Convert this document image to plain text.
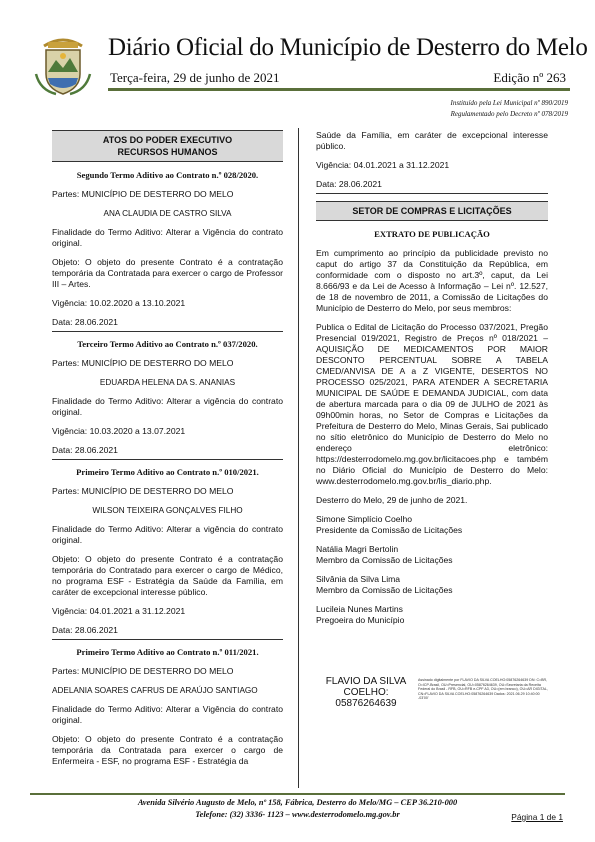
Diário Oficial do Município de Desterro do Melo
Terça-feira, 29 de junho de 2021	Edição nº 263
Instituído pela Lei Municipal nº 890/2019
Regulamentado pelo Decreto nº 078/2019
ATOS DO PODER EXECUTIVO
RECURSOS HUMANOS
Segundo Termo Aditivo ao Contrato n.º 028/2020.
Partes: MUNICÍPIO DE DESTERRO DO MELO
ANA CLAUDIA DE CASTRO SILVA
Finalidade do Termo Aditivo: Alterar a Vigência do contrato original.
Objeto: O objeto do presente Contrato é a contratação temporária da Contratada para exercer o cargo de Professor III – Artes.
Vigência: 10.02.2020 a 13.10.2021
Data: 28.06.2021
Terceiro Termo Aditivo ao Contrato n.º 037/2020.
Partes: MUNICÍPIO DE DESTERRO DO MELO
EDUARDA HELENA DA S. ANANIAS
Finalidade do Termo Aditivo: Alterar a vigência do contrato original.
Vigência: 10.03.2020 a 13.07.2021
Data: 28.06.2021
Primeiro Termo Aditivo ao Contrato n.º 010/2021.
Partes: MUNICÍPIO DE DESTERRO DO MELO
WILSON TEIXEIRA GONÇALVES FILHO
Finalidade do Termo Aditivo: Alterar a vigência do contrato original.
Objeto: O objeto do presente Contrato é a contratação temporária do Contratado para exercer o cargo de Médico, no programa ESF - Estratégia da Saúde da Família, em caráter de excepcional interesse público.
Vigência: 04.01.2021 a 31.12.2021
Data: 28.06.2021
Primeiro Termo Aditivo ao Contrato n.º 011/2021.
Partes: MUNICÍPIO DE DESTERRO DO MELO
ADELANIA SOARES CAFRUS DE ARAÚJO SANTIAGO
Finalidade do Termo Aditivo: Alterar a Vigência do contrato original.
Objeto: O objeto do presente Contrato é a contratação temporária da Contratada para exercer o cargo de Enfermeira - ESF, no programa ESF - Estratégia da
Saúde da Família, em caráter de excepcional interesse público.
Vigência: 04.01.2021 a 31.12.2021
Data: 28.06.2021
SETOR DE COMPRAS E LICITAÇÕES
EXTRATO DE PUBLICAÇÃO
Em cumprimento ao princípio da publicidade previsto no caput do artigo 37 da Constituição da República, em conformidade com o disposto no art.3º, caput, da Lei 8.666/93 e da Lei de Acesso à Informação – Lei nº. 12.527, de 18 de novembro de 2011, a Comissão de Licitações do Município de Desterro do Melo, por seus membros:
Publica o Edital de Licitação do Processo 037/2021, Pregão Presencial 019/2021, Registro de Preços nº 018/2021 – AQUISIÇÃO DE MEDICAMENTOS POR MAIOR DESCONTO PERCENTUAL SOBRE A TABELA CMED/ANVISA DE A a Z VIGENTE, DESERTOS NO PROCESSO 025/2021, PARA ATENDER A SECRETARIA MUNICIPAL DE SAÚDE E DEMANDA JUDICIAL, com data de abertura marcada para o dia 09 de JULHO de 2021 às 09h00min horas, no Setor de Compras e Licitações da Prefeitura de Desterro do Melo, Minas Gerais, Sai publicado no sítio eletrônico do Município de Desterro do Melo no endereço eletrônico: https://desterrodomelo.mg.gov.br/licitacoes.php e também no Diário Oficial do Município de Desterro do Melo: www.desterrodomelo.mg.gov.br/lis_diario.php.
Desterro do Melo, 29 de junho de 2021.
Simone Simplício Coelho
Presidente da Comissão de Licitações
Natália Magri Bertolin
Membro da Comissão de Licitações
Silvânia da Silva Lima
Membro da Comissão de Licitações
Lucileia Nunes Martins
Pregoeira do Município
FLAVIO DA SILVA
COELHO:
05876264639
Assinado digitalmente por FLAVIO DA SILVA COELHO:05876264639 DN: C=BR, O=ICP-Brasil, OU=Presencial, OU=05876264639, OU=Secretaria da Receita Federal do Brasil - RFB, OU=RFB e-CPF A3, OU=(em branco), OU=AR DIGITAL, CN=FLAVIO DA SILVA COELHO:05876264639 Dados: 2021.06.29 10:40:00 -03'00'
Avenida Silvério Augusto de Melo, nº 158, Fábrica, Desterro do Melo/MG – CEP 36.210-000
Telefone: (32) 3336- 1123 – www.desterrodomelo.mg.gov.br	Página 1 de 1
